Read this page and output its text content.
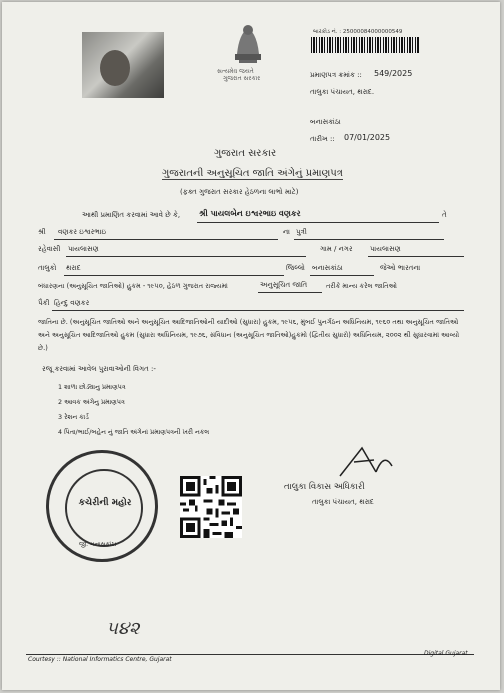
સત્યમેવ જયતે
ગુજરાત સરકાર
બારકોડ નં. : 25000084000000549
પ્રમાણપત્ર ક્રમાંક :: 549/2025
તાલુકા પંચાયત, થરાદ.
બનાસકાંઠા
તારીખ :: 07/01/2025
ગુજરાત સરકાર
ગુજરાતની અનુસૂચિત જાતિ અંગેનું પ્રમાણપત્ર
(ફક્ત ગુજરાત સરકાર હેઠળના લાભો માટે)
આથી પ્રમાણિત કરવામાં આવે છે કે, શ્રી પાયલબેન ઇશ્વરભાઇ વણકર	તે
શ્રી વણકર ઇશ્વરભાઇ	ના પુત્રી
રહેવાસી પાયલાસણ	ગામ / નગર પાયલાસણ
તાલુકો થરાદ	જિલ્લો બનાસકાંઠા	જેઓ ભારતના
બંધારણના (અનુસૂચિત જાતિઓ) હુકમ - ૧૯૫૦, હેઠળ ગુજરાત રાજ્યમાં	અનુસૂચિત જાતિ	તરીકે માન્ય કરેલ જાતિઓ
પૈકી હિન્દુ વણકર
જાતિના છે. (અનુસૂચિત જાતિઓ અને અનુસૂચિત આદિજાતિઓની યાદીઓ (સુધારા) હુકમ, ૧૯૫૬, મુંબઈ પુનર્ગઠન અધિનિયમ, ૧૯૬૦ તથા અનુસૂચિત જાતિઓ અને અનુસૂચિત આદિજાતિઓ હુકમ (સુધારા અધિનિયમ, ૧૯૭૬, સંવિધાન (અનુસૂચિત જાતિઓ)હુકમો (દ્વિતીય સુધારો) અધિનિયમ, ૨૦૦૨ થી સુધારવામાં આવ્યો છે.)
રજૂ કરવામાં આવેલ પુરાવાઓની વિગત :-
1 શાળા છોડ્યાનુ પ્રમાણપત્ર
2 આવક અંગેનુ પ્રમાણપત્ર
3 રેશન કાર્ડ
4 પિતા/ભાઈ/બહેન નું જાતિ અંગેનાં પ્રમાણપત્રની ખરી નકલ
કચેરીની મહોર
જી. બનાસકાંઠા
તાલુકા વિકાસ અધિકારી
તાલુકા પંચાયત, થરાદ
૫૪૨
Courtesy :: National Informatics Centre, Gujarat
Digital Gujarat
